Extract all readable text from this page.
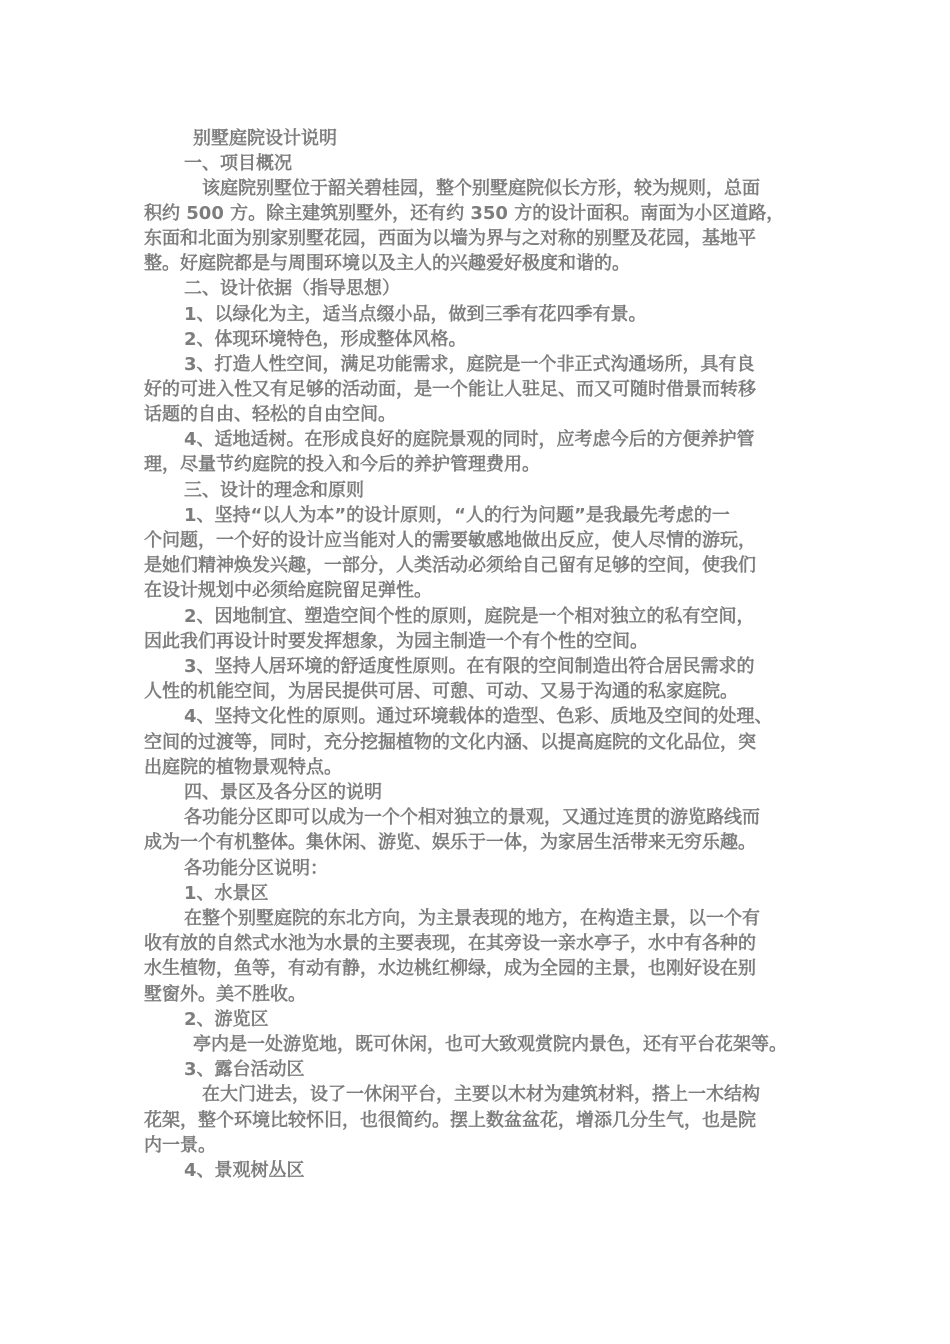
别墅庭院设计说明
一、项目概况
该庭院别墅位于韶关碧桂园，整个别墅庭院似长方形，较为规则，总面
积约 500 方。除主建筑别墅外，还有约 350 方的设计面积。南面为小区道路，
东面和北面为别家别墅花园，西面为以墙为界与之对称的别墅及花园，基地平
整。好庭院都是与周围环境以及主人的兴趣爱好极度和谐的。
二、设计依据（指导思想）
1、以绿化为主，适当点缀小品，做到三季有花四季有景。
2、体现环境特色，形成整体风格。
3、打造人性空间，满足功能需求，庭院是一个非正式沟通场所，具有良
好的可进入性又有足够的活动面，是一个能让人驻足、而又可随时借景而转移
话题的自由、轻松的自由空间。
4、适地适树。在形成良好的庭院景观的同时，应考虑今后的方便养护管
理，尽量节约庭院的投入和今后的养护管理费用。
三、设计的理念和原则
1、坚持“以人为本”的设计原则，“人的行为问题”是我最先考虑的一
个问题，一个好的设计应当能对人的需要敏感地做出反应，使人尽情的游玩，
是她们精神焕发兴趣，一部分，人类活动必须给自己留有足够的空间，使我们
在设计规划中必须给庭院留足弹性。
2、因地制宜、塑造空间个性的原则，庭院是一个相对独立的私有空间，
因此我们再设计时要发挥想象，为园主制造一个有个性的空间。
3、坚持人居环境的舒适度性原则。在有限的空间制造出符合居民需求的
人性的机能空间，为居民提供可居、可憩、可动、又易于沟通的私家庭院。
4、坚持文化性的原则。通过环境载体的造型、色彩、质地及空间的处理、
空间的过渡等，同时，充分挖掘植物的文化内涵、以提高庭院的文化品位，突
出庭院的植物景观特点。
四、景区及各分区的说明
各功能分区即可以成为一个个相对独立的景观，又通过连贯的游览路线而
成为一个有机整体。集休闲、游览、娱乐于一体，为家居生活带来无穷乐趣。
各功能分区说明：
1、水景区
在整个别墅庭院的东北方向，为主景表现的地方，在构造主景，以一个有
收有放的自然式水池为水景的主要表现，在其旁设一亲水亭子，水中有各种的
水生植物，鱼等，有动有静，水边桃红柳绿，成为全园的主景，也刚好设在别
墅窗外。美不胜收。
2、游览区
亭内是一处游览地，既可休闲，也可大致观赏院内景色，还有平台花架等。
3、露台活动区
在大门进去，设了一休闲平台，主要以木材为建筑材料，搭上一木结构
花架，整个环境比较怀旧，也很简约。摆上数盆盆花，增添几分生气，也是院
内一景。
4、景观树丛区
